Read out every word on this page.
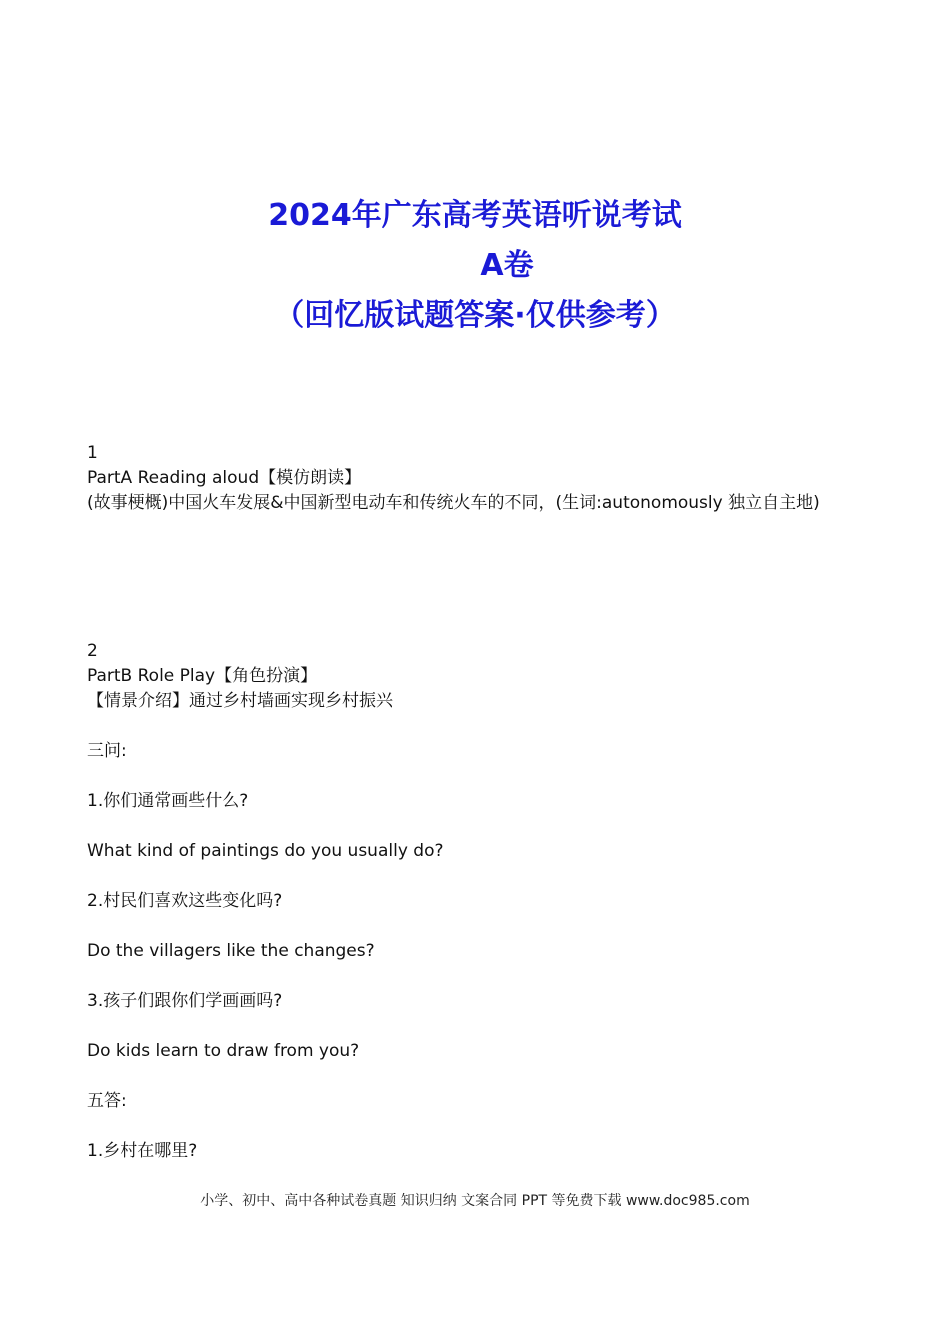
2024年广东高考英语听说考试
A卷
（回忆版试题答案·仅供参考）

1

PartA Reading aloud【模仿朗读】

(故事梗概)中国火车发展&中国新型电动车和传统火车的不同，(生词:autonomously 独立自主地)

2

PartB Role Play【角色扮演】

【情景介绍】通过乡村墙画实现乡村振兴

三问:

1.你们通常画些什么?

What kind of paintings do you usually do?

2.村民们喜欢这些变化吗?

Do the villagers like the changes?

3.孩子们跟你们学画画吗?

Do kids learn to draw from you?

五答:

1.乡村在哪里?

小学、初中、高中各种试卷真题 知识归纳 文案合同 PPT 等免费下载 www.doc985.com
